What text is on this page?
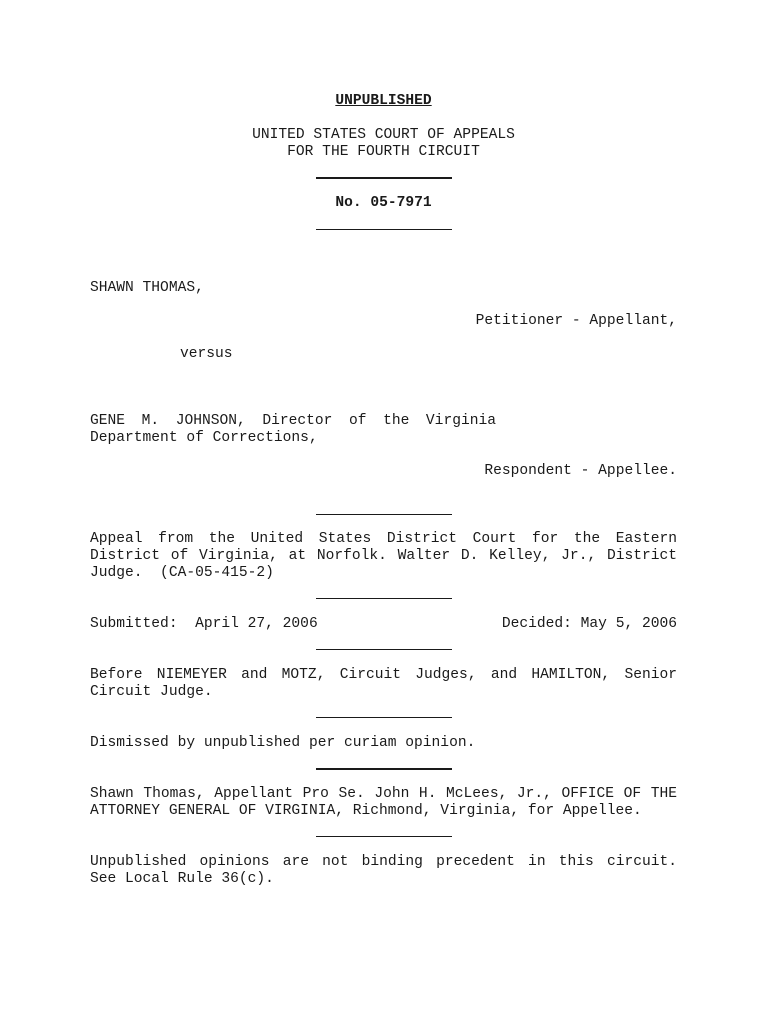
UNPUBLISHED
UNITED STATES COURT OF APPEALS
FOR THE FOURTH CIRCUIT
No. 05-7971
SHAWN THOMAS,
Petitioner - Appellant,
versus
GENE M. JOHNSON, Director of the Virginia
Department of Corrections,
Respondent - Appellee.
Appeal from the United States District Court for the Eastern
District of Virginia, at Norfolk. Walter D. Kelley, Jr., District
Judge.  (CA-05-415-2)
Submitted:  April 27, 2006	Decided: May 5, 2006
Before NIEMEYER and MOTZ, Circuit Judges, and HAMILTON, Senior
Circuit Judge.
Dismissed by unpublished per curiam opinion.
Shawn Thomas, Appellant Pro Se. John H. McLees, Jr., OFFICE OF THE
ATTORNEY GENERAL OF VIRGINIA, Richmond, Virginia, for Appellee.
Unpublished opinions are not binding precedent in this circuit.
See Local Rule 36(c).
